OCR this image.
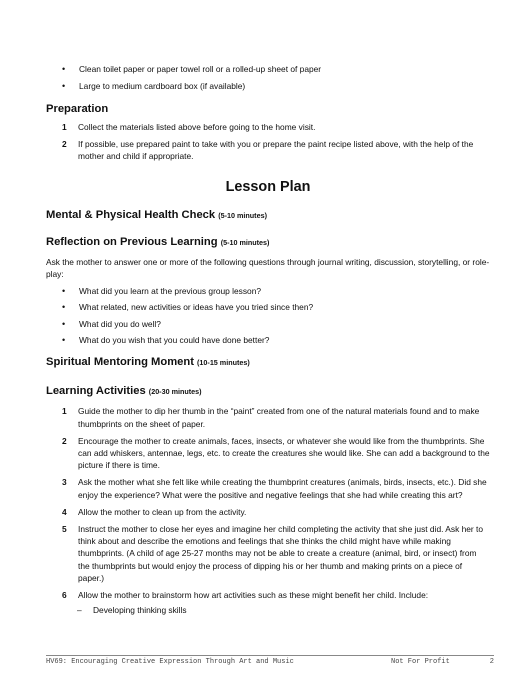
• Clean toilet paper or paper towel roll or a rolled-up sheet of paper
• Large to medium cardboard box (if available)
Preparation
1 Collect the materials listed above before going to the home visit.
2 If possible, use prepared paint to take with you or prepare the paint recipe listed above, with the help of the mother and child if appropriate.
Lesson Plan
Mental & Physical Health Check (5-10 minutes)
Reflection on Previous Learning (5-10 minutes)

Ask the mother to answer one or more of the following questions through journal writing, discussion, storytelling, or role-play:

• What did you learn at the previous group lesson?
• What related, new activities or ideas have you tried since then?
• What did you do well?
• What do you wish that you could have done better?
Spiritual Mentoring Moment (10-15 minutes)
Learning Activities (20-30 minutes)
1 Guide the mother to dip her thumb in the “paint” created from one of the natural materials found and to make thumbprints on the sheet of paper.
2 Encourage the mother to create animals, faces, insects, or whatever she would like from the thumbprints. She can add whiskers, antennae, legs, etc. to create the creatures she would like. She can add a background to the picture if there is time.
3 Ask the mother what she felt like while creating the thumbprint creatures (animals, birds, insects, etc.). Did she enjoy the experience? What were the positive and negative feelings that she had while creating this art?
4 Allow the mother to clean up from the activity.
5 Instruct the mother to close her eyes and imagine her child completing the activity that she just did. Ask her to think about and describe the emotions and feelings that she thinks the child might have while making thumbprints. (A child of age 25-27 months may not be able to create a creature (animal, bird, or insect) from the thumbprints but would enjoy the process of dipping his or her thumb and making prints on a piece of paper.)
6 Allow the mother to brainstorm how art activities such as these might benefit her child. Include:
– Developing thinking skills
HV69: Encouraging Creative Expression Through Art and Music	Not For Profit	2
